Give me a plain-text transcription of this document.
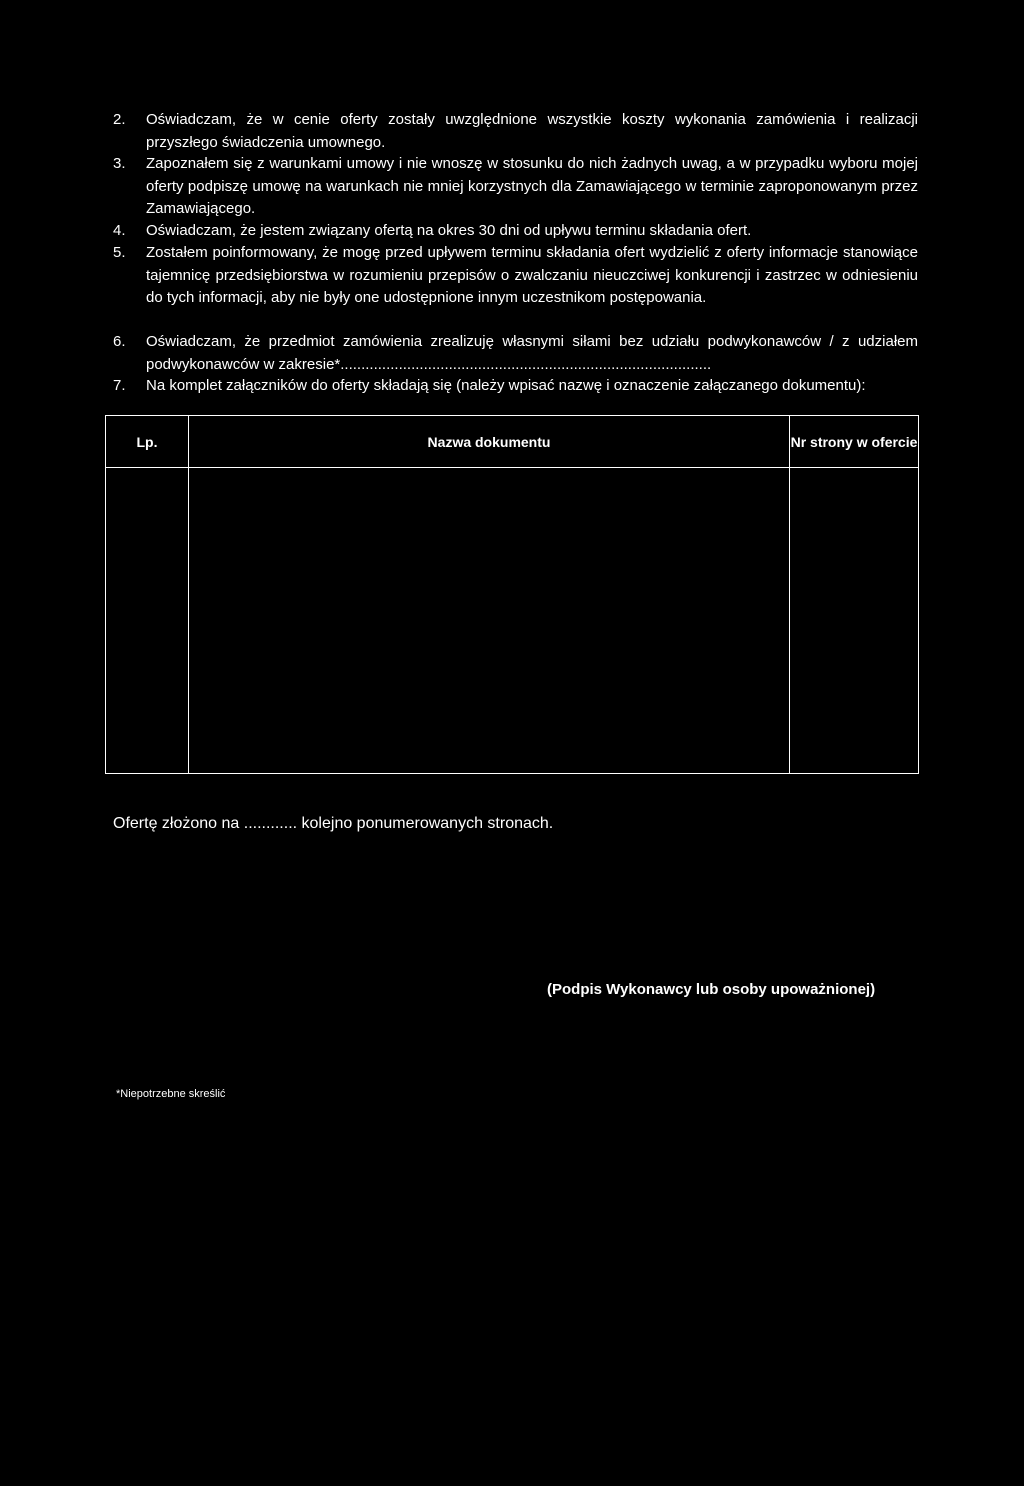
2.	Oświadczam, że w cenie oferty zostały uwzględnione wszystkie koszty wykonania zamówienia i realizacji przyszłego świadczenia umownego.
3.	Zapoznałem się z warunkami umowy i nie wnoszę w stosunku do nich żadnych uwag, a w przypadku wyboru mojej oferty podpiszę umowę na warunkach nie mniej korzystnych dla Zamawiającego w terminie zaproponowanym przez Zamawiającego.
4.	Oświadczam, że jestem związany ofertą na okres 30 dni od upływu terminu składania ofert.
5.	Zostałem poinformowany, że mogę przed upływem terminu składania ofert wydzielić z oferty informacje stanowiące tajemnicę przedsiębiorstwa w rozumieniu przepisów o zwalczaniu nieuczciwej konkurencji i zastrzec w odniesieniu do tych informacji, aby nie były one udostępnione innym uczestnikom postępowania.
6.	Oświadczam, że przedmiot zamówienia zrealizuję własnymi siłami bez udziału podwykonawców / z udziałem podwykonawców w zakresie*.........................................................................................
7.	Na komplet załączników do oferty składają się (należy wpisać nazwę i oznaczenie załączanego dokumentu):
Lp.	Nazwa dokumentu	Nr strony w ofercie

Ofertę złożono na ............ kolejno ponumerowanych stronach.
(Podpis Wykonawcy lub osoby upoważnionej)
*Niepotrzebne skreślić
